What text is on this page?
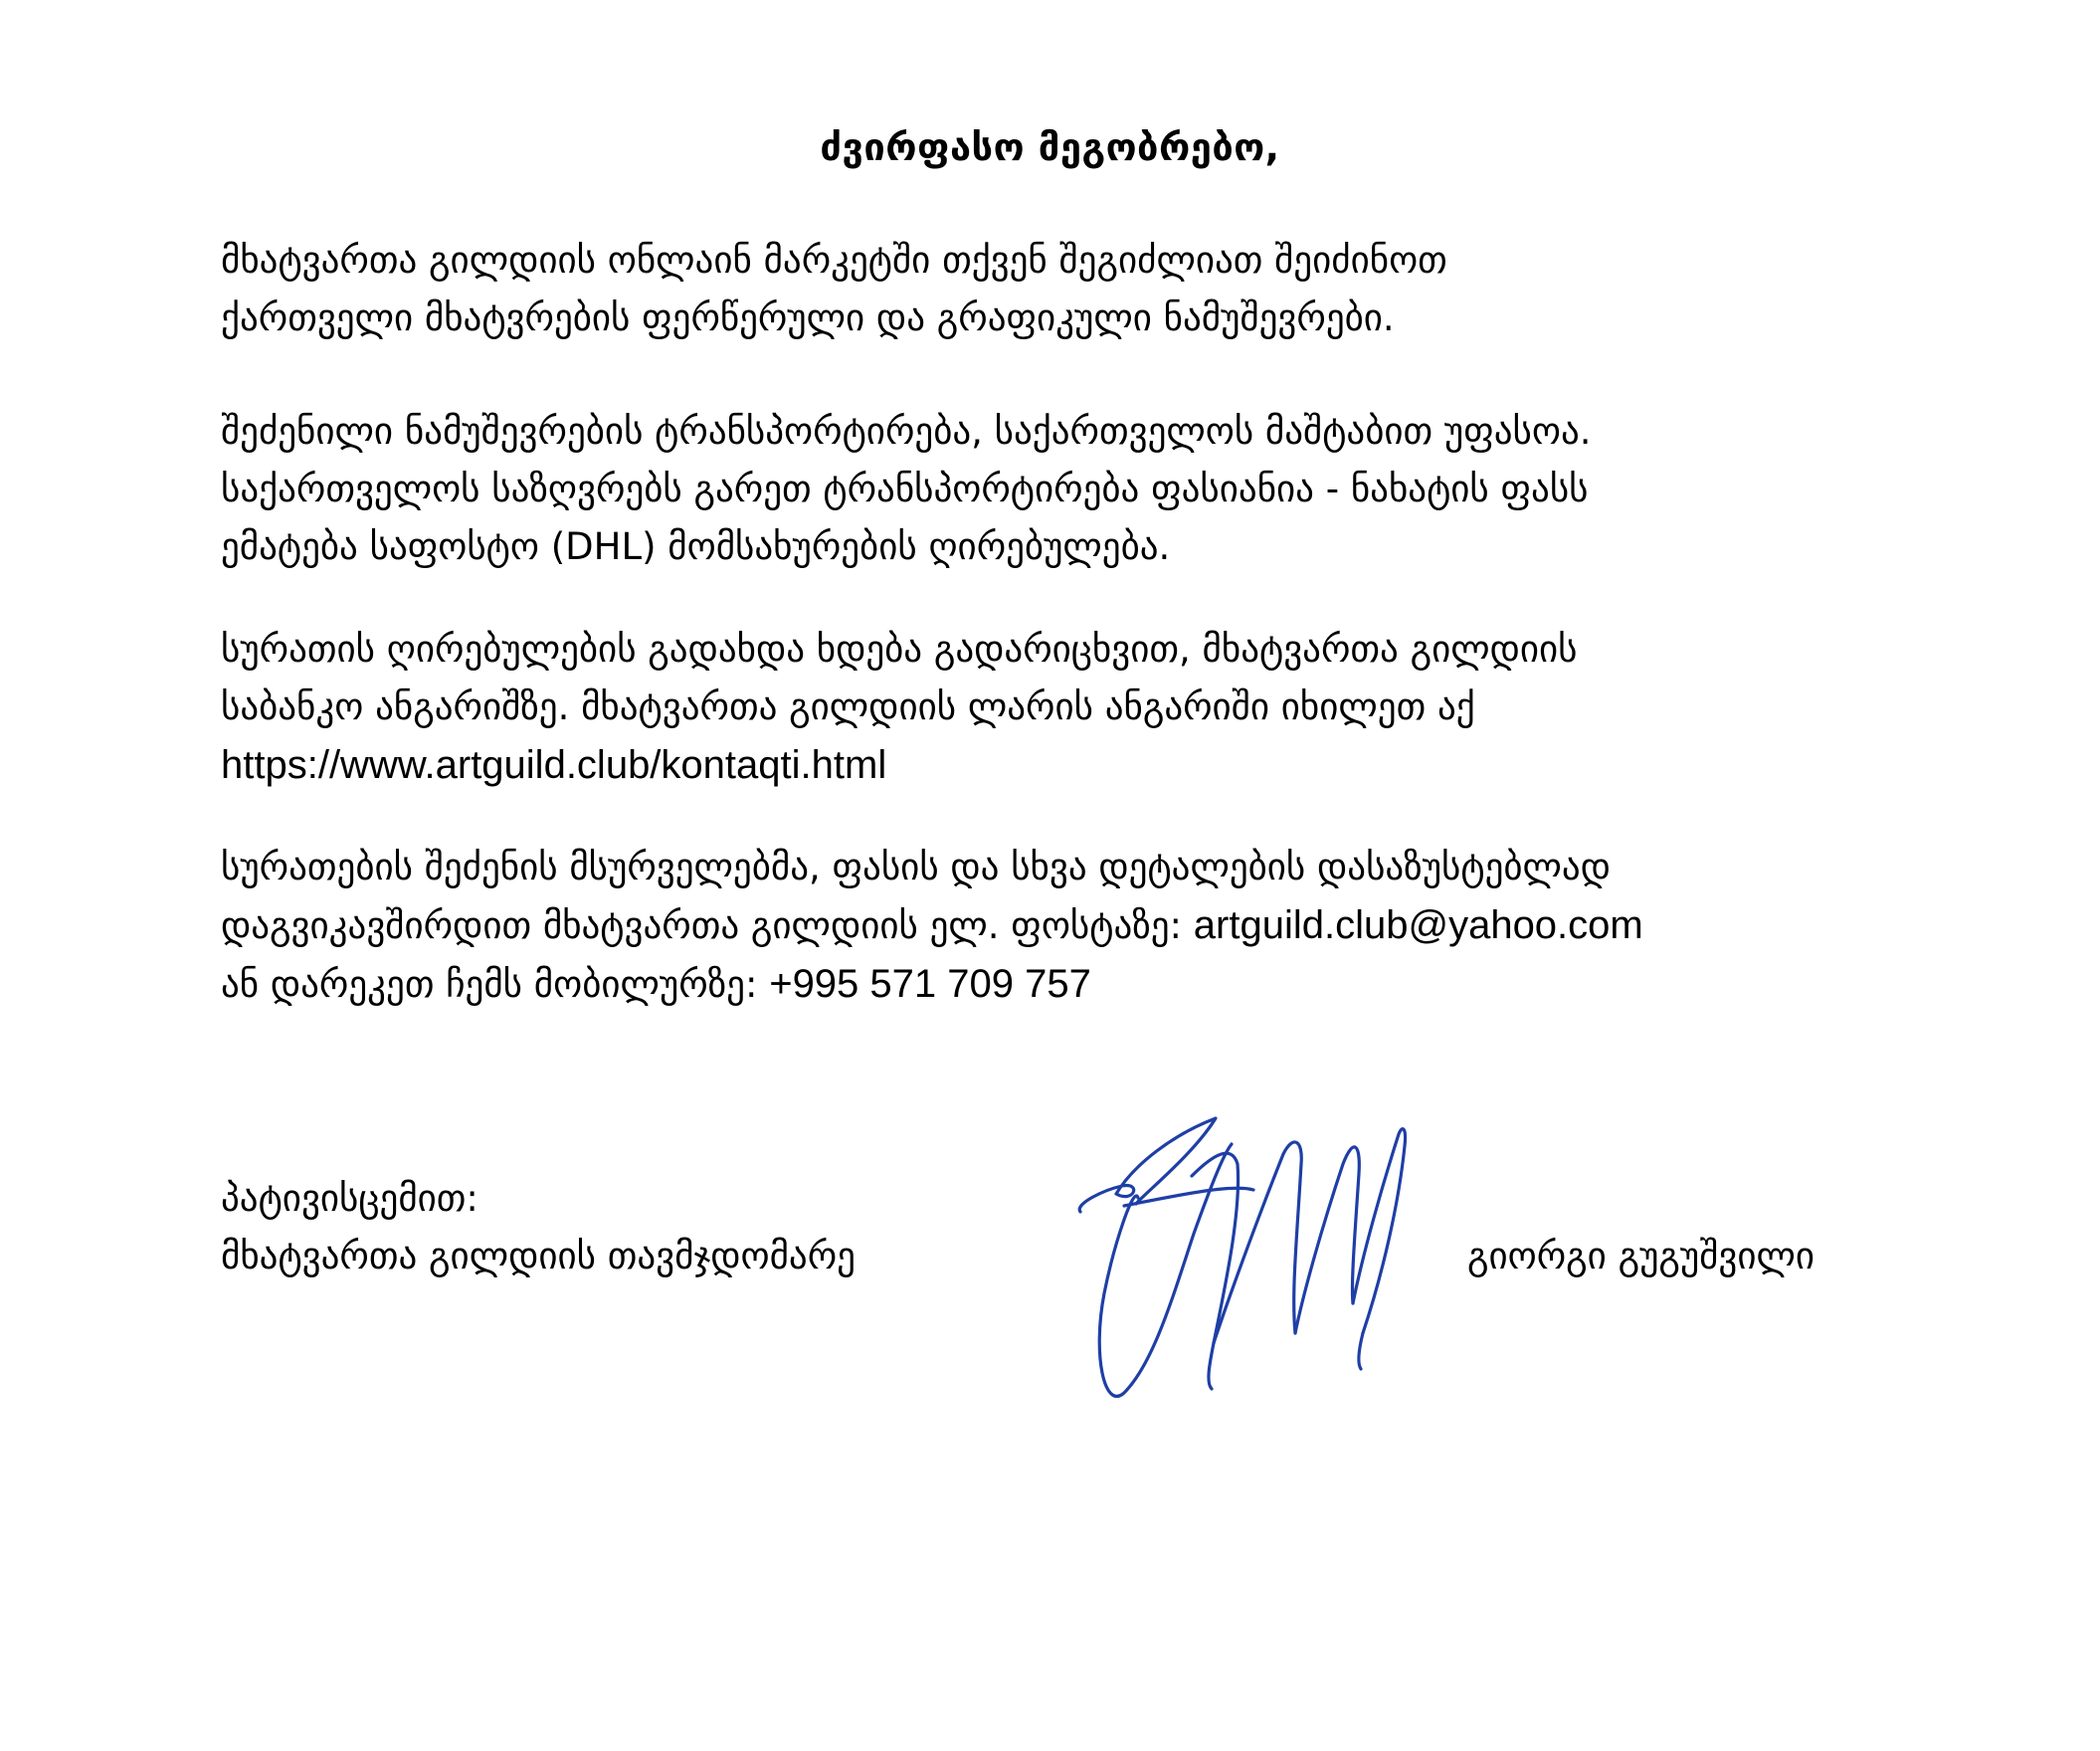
ძვირფასო მეგობრებო,
მხატვართა გილდიის ონლაინ მარკეტში თქვენ შეგიძლიათ შეიძინოთ
ქართველი მხატვრების ფერწერული და გრაფიკული ნამუშევრები.
შეძენილი ნამუშევრების ტრანსპორტირება, საქართველოს მაშტაბით უფასოა.
საქართველოს საზღვრებს გარეთ ტრანსპორტირება ფასიანია - ნახატის ფასს
ემატება საფოსტო (DHL) მომსახურების ღირებულება.
სურათის ღირებულების გადახდა ხდება გადარიცხვით, მხატვართა გილდიის
საბანკო ანგარიშზე. მხატვართა გილდიის ლარის ანგარიში იხილეთ აქ
https://www.artguild.club/kontaqti.html
სურათების შეძენის მსურველებმა, ფასის და სხვა დეტალების დასაზუსტებლად
დაგვიკავშირდით მხატვართა გილდიის ელ. ფოსტაზე: artguild.club@yahoo.com
ან დარეკეთ ჩემს მობილურზე: +995 571 709 757
პატივისცემით:
მხატვართა გილდიის თავმჯდომარე	გიორგი გუგუშვილი
